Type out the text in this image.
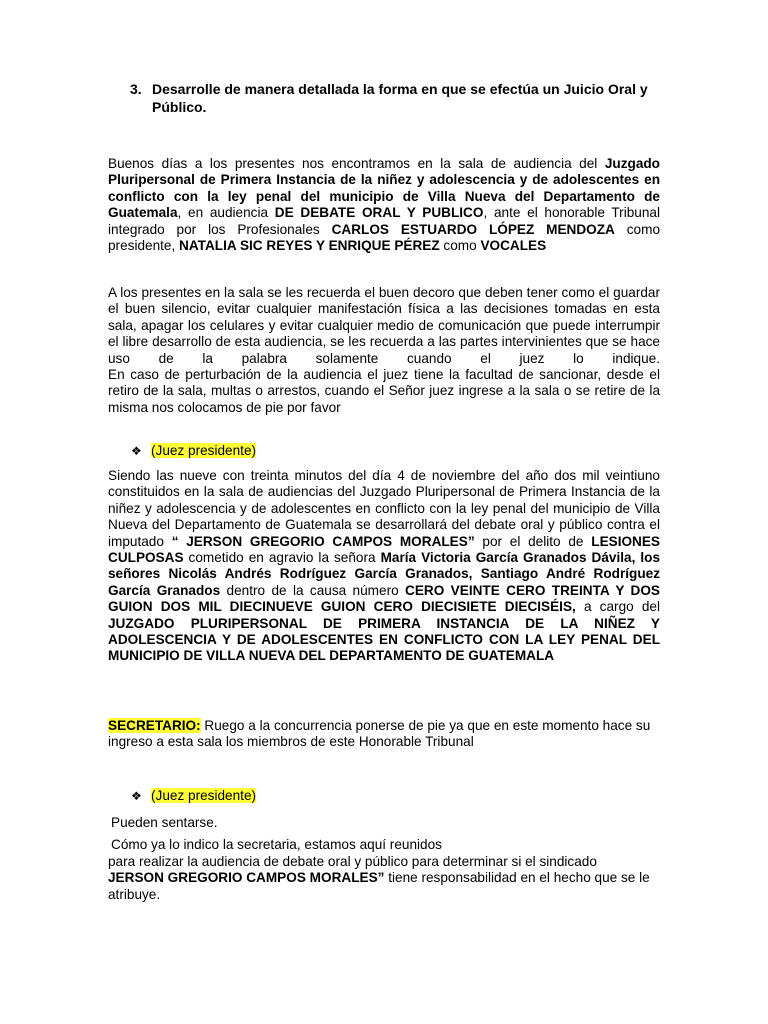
3. Desarrolle de manera detallada la forma en que se efectúa un Juicio Oral y Público.
Buenos días a los presentes nos encontramos en la sala de audiencia del Juzgado Pluripersonal de Primera Instancia de la niñez y adolescencia y de adolescentes en conflicto con la ley penal del municipio de Villa Nueva del Departamento de Guatemala, en audiencia DE DEBATE ORAL Y PUBLICO, ante el honorable Tribunal integrado por los Profesionales CARLOS ESTUARDO LÓPEZ MENDOZA como presidente, NATALIA SIC REYES Y ENRIQUE PÉREZ como VOCALES
A los presentes en la sala se les recuerda el buen decoro que deben tener como el guardar el buen silencio, evitar cualquier manifestación física a las decisiones tomadas en esta sala, apagar los celulares y evitar cualquier medio de comunicación que puede interrumpir el libre desarrollo de esta audiencia, se les recuerda a las partes intervinientes que se hace uso de la palabra solamente cuando el juez lo indique.
En caso de perturbación de la audiencia el juez tiene la facultad de sancionar, desde el retiro de la sala, multas o arrestos, cuando el Señor juez ingrese a la sala o se retire de la misma nos colocamos de pie por favor
❖ (Juez presidente)
Siendo las nueve con treinta minutos del día 4 de noviembre del año dos mil veintiuno constituidos en la sala de audiencias del Juzgado Pluripersonal de Primera Instancia de la niñez y adolescencia y de adolescentes en conflicto con la ley penal del municipio de Villa Nueva del Departamento de Guatemala se desarrollará del debate oral y público contra el imputado “ JERSON GREGORIO CAMPOS MORALES” por el delito de LESIONES CULPOSAS cometido en agravio la señora María Victoria García Granados Dávila, los señores Nicolás Andrés Rodríguez García Granados, Santiago André Rodríguez García Granados dentro de la causa número CERO VEINTE CERO TREINTA Y DOS GUION DOS MIL DIECINUEVE GUION CERO DIECISIETE DIECISÉIS, a cargo del JUZGADO PLURIPERSONAL DE PRIMERA INSTANCIA DE LA NIÑEZ Y ADOLESCENCIA Y DE ADOLESCENTES EN CONFLICTO CON LA LEY PENAL DEL MUNICIPIO DE VILLA NUEVA DEL DEPARTAMENTO DE GUATEMALA
SECRETARIO: Ruego a la concurrencia ponerse de pie ya que en este momento hace su ingreso a esta sala los miembros de este Honorable Tribunal
❖ (Juez presidente)
Pueden sentarse.
Cómo ya lo indico la secretaria, estamos aquí reunidos
para realizar la audiencia de debate oral y público para determinar si el sindicado
JERSON GREGORIO CAMPOS MORALES” tiene responsabilidad en el hecho que se le atribuye.
